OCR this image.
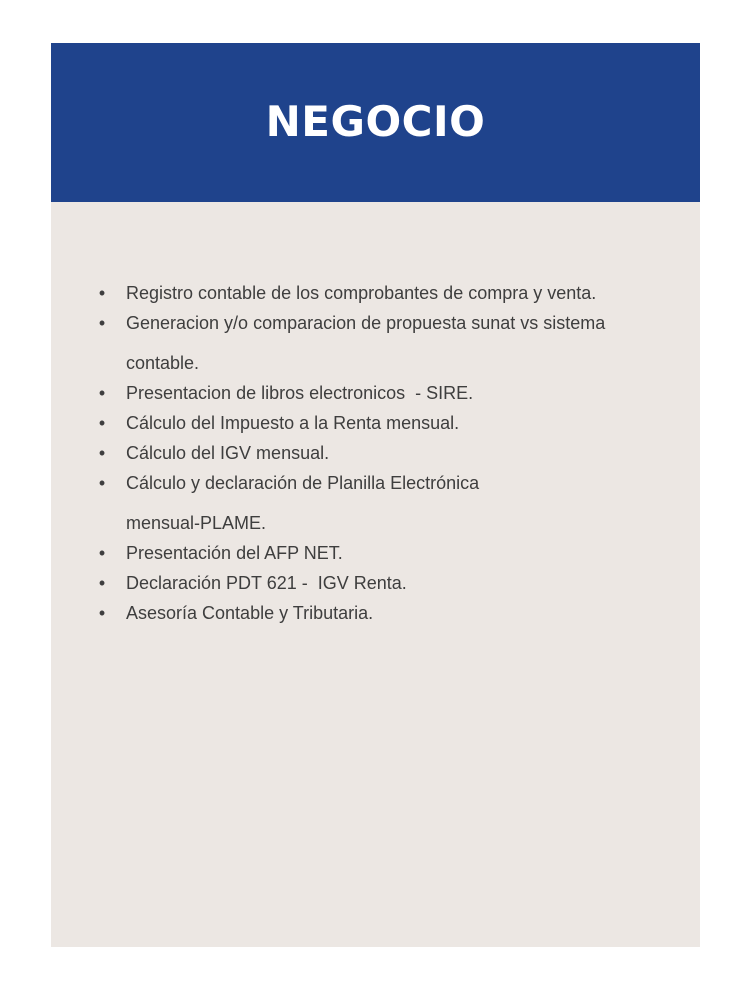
NEGOCIO
• Registro contable de los comprobantes de compra y venta.
• Generacion y/o comparacion de propuesta sunat vs sistema contable.
• Presentacion de libros electronicos  - SIRE.
• Cálculo del Impuesto a la Renta mensual.
• Cálculo del IGV mensual.
• Cálculo y declaración de Planilla Electrónica mensual-PLAME.
• Presentación del AFP NET.
• Declaración PDT 621 -  IGV Renta.
• Asesoría Contable y Tributaria.
